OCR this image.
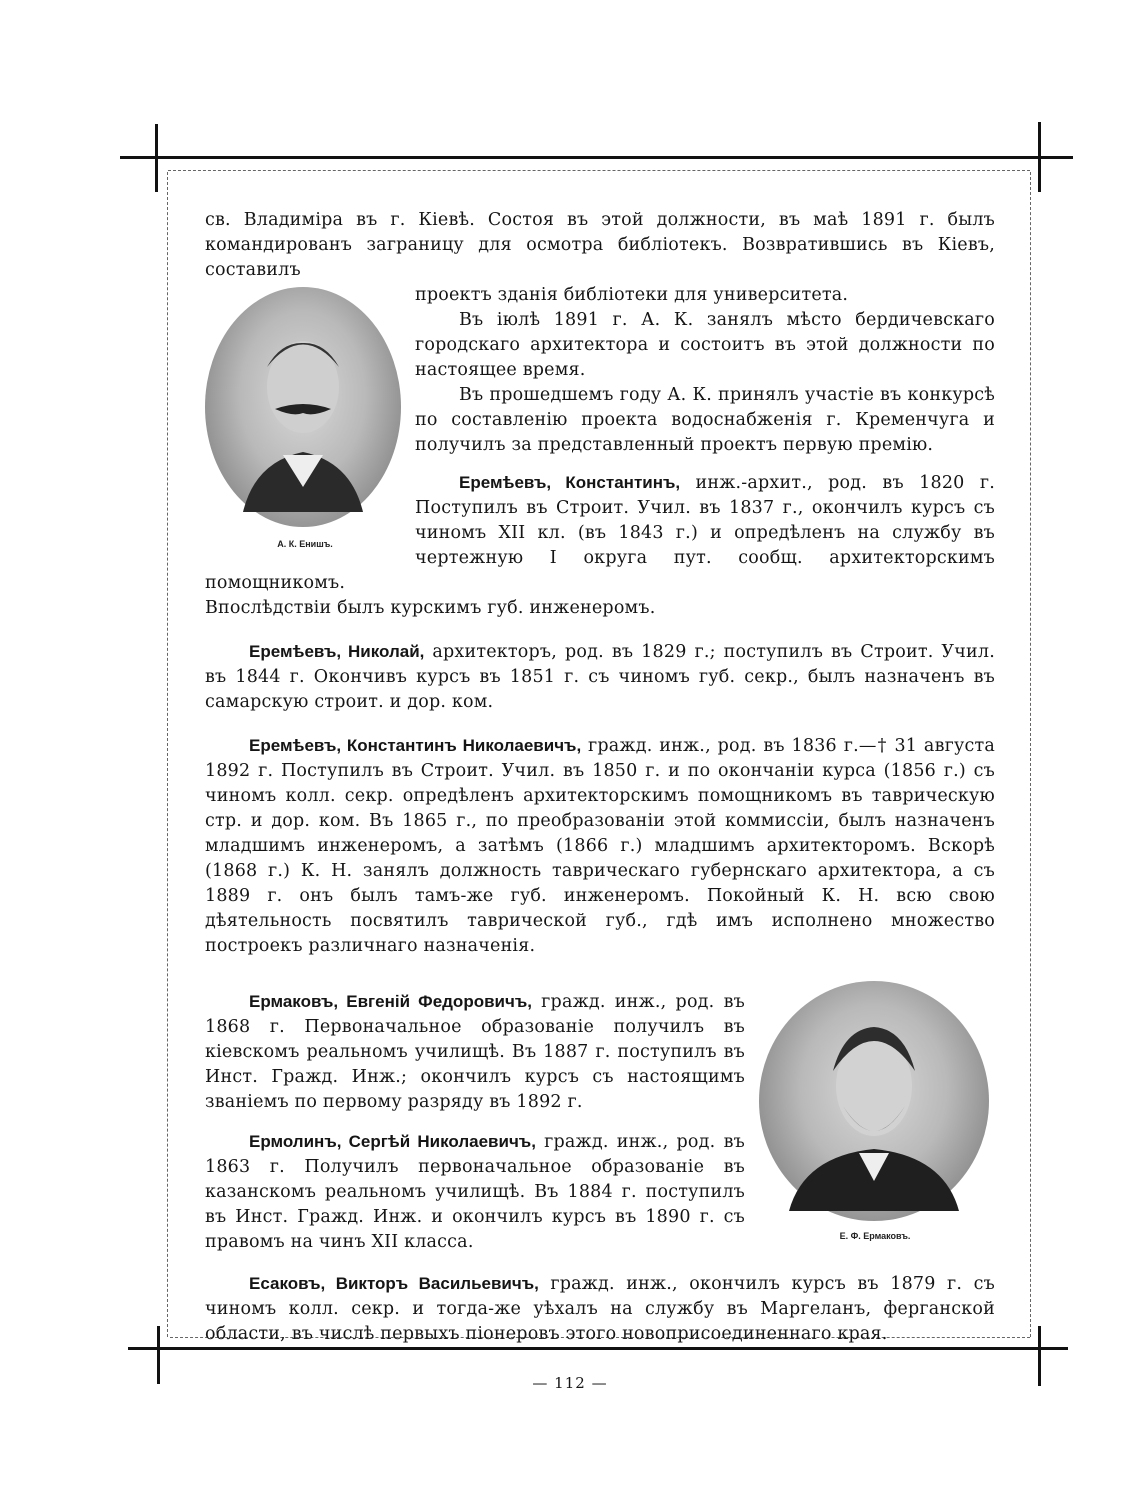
св. Владиміра въ г. Кіевѣ. Состоя въ этой должности, въ маѣ 1891 г. былъ командированъ заграницу для осмотра библіотекъ. Возвратившись въ Кіевъ, составилъ

А. К. Енишъ.

проектъ зданія библіотеки для университета.

Въ іюлѣ 1891 г. А. К. занялъ мѣсто бердичевскаго городскаго архитектора и состоитъ въ этой должности по настоящее время.

Въ прошедшемъ году А. К. принялъ участіе въ конкурсѣ по составленію проекта водоснабженія г. Кременчуга и получилъ за представленный проектъ первую премію.

Еремѣевъ, Константинъ, инж.-архит., род. въ 1820 г. Поступилъ въ Строит. Учил. въ 1837 г., окончилъ курсъ съ чиномъ XII кл. (въ 1843 г.) и опредѣленъ на службу въ чертежную I округа пут. сообщ. архитекторскимъ помощникомъ.

Впослѣдствіи былъ курскимъ губ. инженеромъ.

Еремѣевъ, Николай, архитекторъ, род. въ 1829 г.; поступилъ въ Строит. Учил. въ 1844 г. Окончивъ курсъ въ 1851 г. съ чиномъ губ. секр., былъ назначенъ въ самарскую строит. и дор. ком.

Еремѣевъ, Константинъ Николаевичъ, гражд. инж., род. въ 1836 г.—† 31 августа 1892 г. Поступилъ въ Строит. Учил. въ 1850 г. и по окончаніи курса (1856 г.) съ чиномъ колл. секр. опредѣленъ архитекторскимъ помощникомъ въ таврическую стр. и дор. ком. Въ 1865 г., по преобразованіи этой коммиссіи, былъ назначенъ младшимъ инженеромъ, а затѣмъ (1866 г.) младшимъ архитекторомъ. Вскорѣ (1868 г.) К. Н. занялъ должность таврическаго губернскаго архитектора, а съ 1889 г. онъ былъ тамъ-же губ. инженеромъ. Покойный К. Н. всю свою дѣятельность посвятилъ таврической губ., гдѣ имъ исполнено множество построекъ различнаго назначенія.

Е. Ф. Ермаковъ.

Ермаковъ, Евгеній Федоровичъ, гражд. инж., род. въ 1868 г. Первоначальное образованіе получилъ въ кіевскомъ реальномъ училищѣ. Въ 1887 г. поступилъ въ Инст. Гражд. Инж.; окончилъ курсъ съ настоящимъ званіемъ по первому разряду въ 1892 г.

Ермолинъ, Сергѣй Николаевичъ, гражд. инж., род. въ 1863 г. Получилъ первоначальное образованіе въ казанскомъ реальномъ училищѣ. Въ 1884 г. поступилъ въ Инст. Гражд. Инж. и окончилъ курсъ въ 1890 г. съ правомъ на чинъ XII класса.

Есаковъ, Викторъ Васильевичъ, гражд. инж., окончилъ курсъ въ 1879 г. съ чиномъ колл. секр. и тогда-же уѣхалъ на службу въ Маргеланъ, ферганской области, въ числѣ первыхъ піонеровъ этого новоприсоединеннаго края.

— 112 —
